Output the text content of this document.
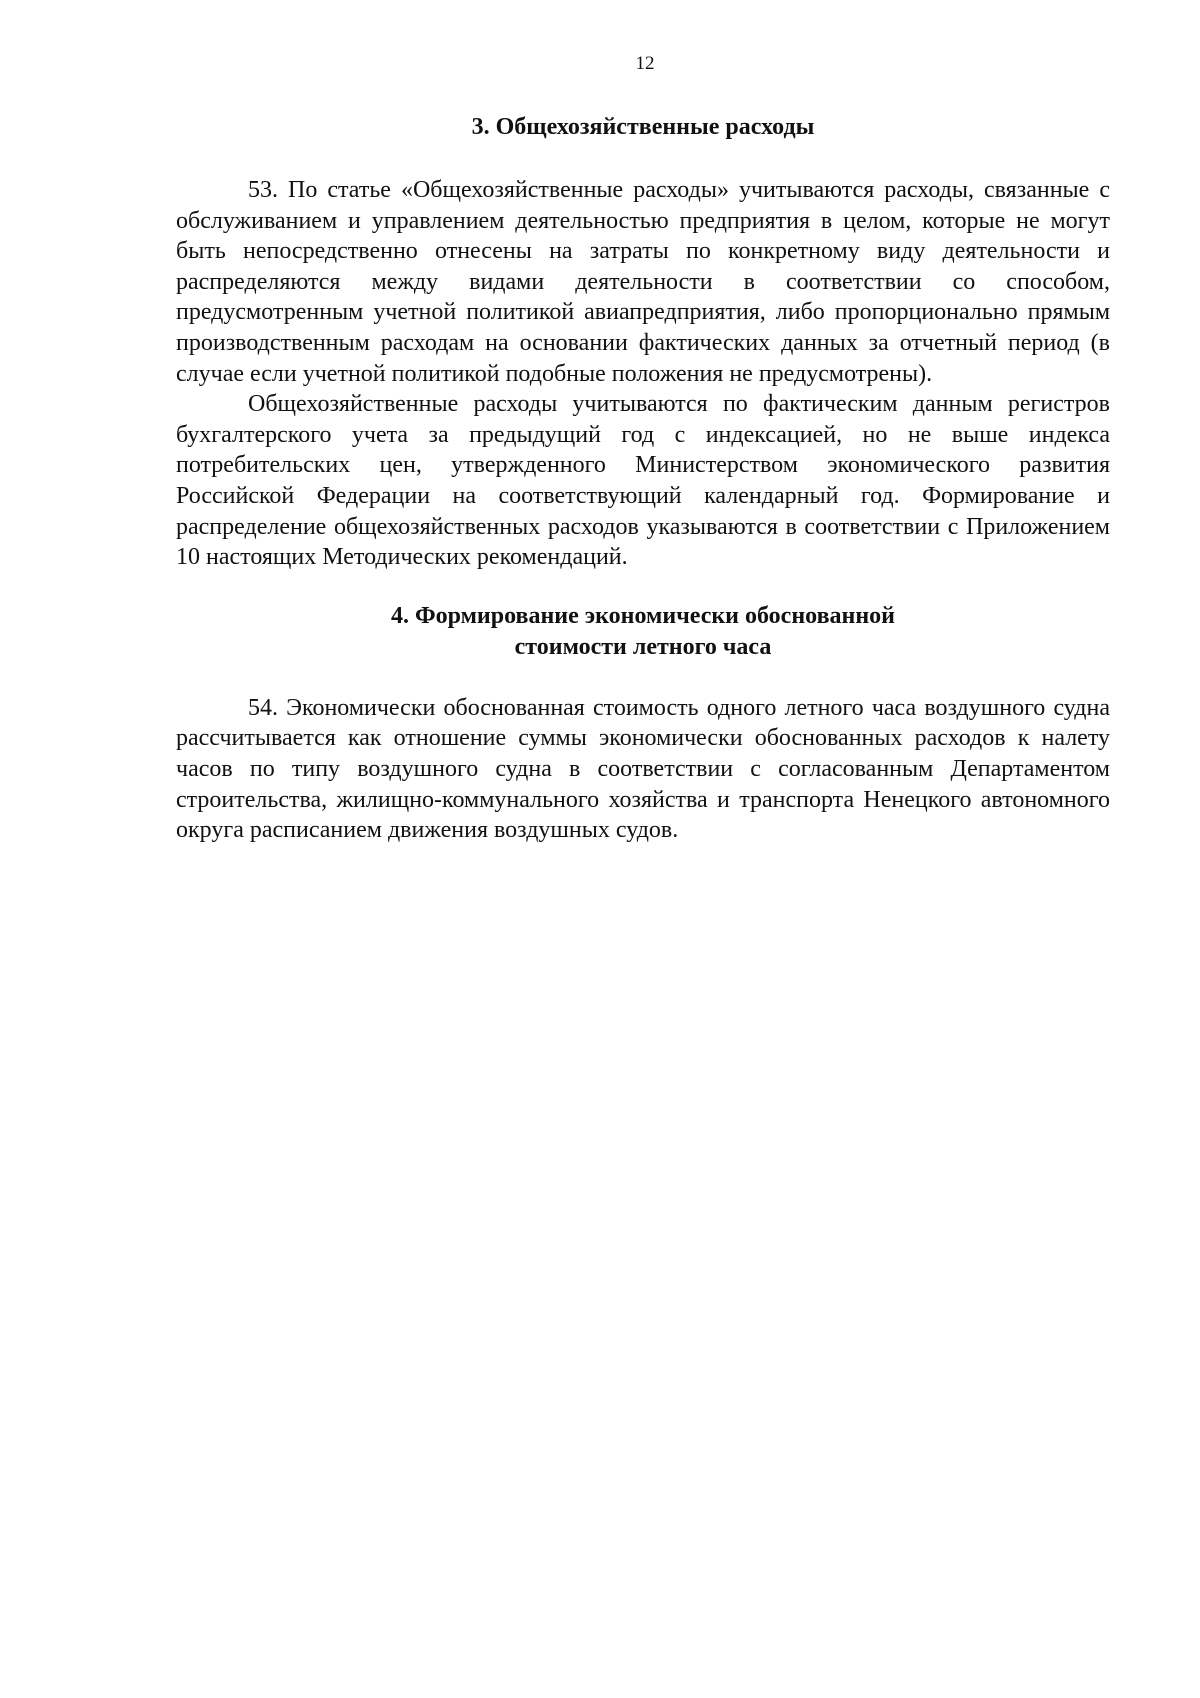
12
3. Общехозяйственные расходы

53. По статье «Общехозяйственные расходы» учитываются расходы, связанные с обслуживанием и управлением деятельностью предприятия в целом, которые не могут быть непосредственно отнесены на затраты по конкретному виду деятельности и распределяются между видами деятельности в соответствии со способом, предусмотренным учетной политикой авиапредприятия, либо пропорционально прямым производственным расходам на основании фактических данных за отчетный период (в случае если учетной политикой подобные положения не предусмотрены).

Общехозяйственные расходы учитываются по фактическим данным регистров бухгалтерского учета за предыдущий год с индексацией, но не выше индекса потребительских цен, утвержденного Министерством экономического развития Российской Федерации на соответствующий календарный год. Формирование и распределение общехозяйственных расходов указываются в соответствии с Приложением 10 настоящих Методических рекомендаций.

4. Формирование экономически обоснованной
стоимости летного часа

54. Экономически обоснованная стоимость одного летного часа воздушного судна рассчитывается как отношение суммы экономически обоснованных расходов к налету часов по типу воздушного судна в соответствии с согласованным Департаментом строительства, жилищно-коммунального хозяйства и транспорта Ненецкого автономного округа расписанием движения воздушных судов.
